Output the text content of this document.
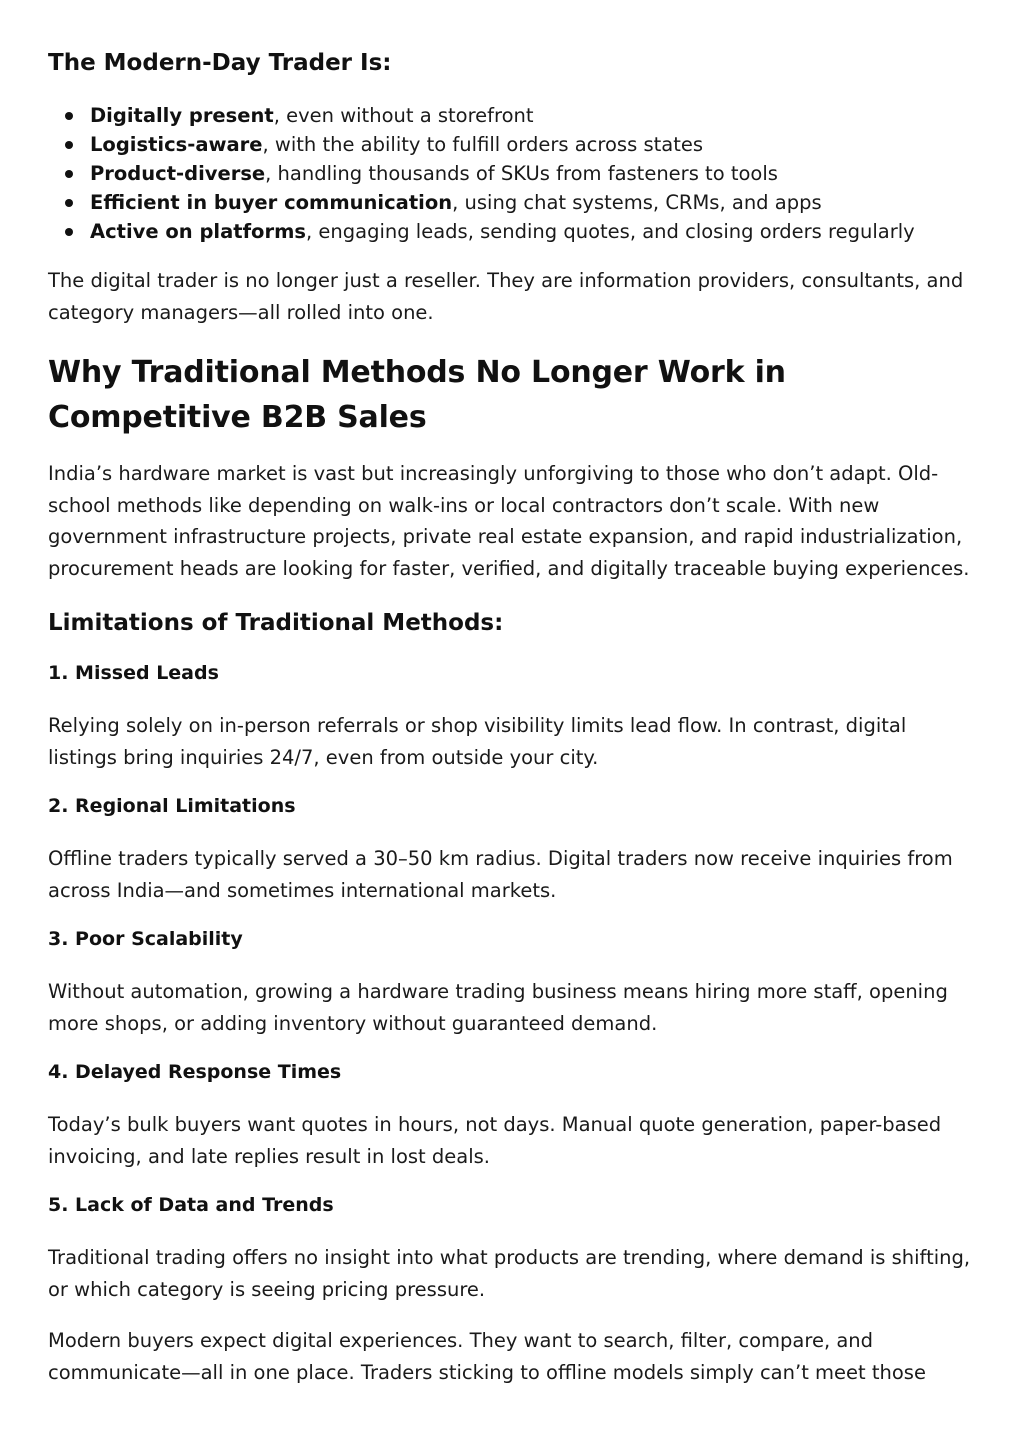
The Modern-Day Trader Is:
Digitally present, even without a storefront
Logistics-aware, with the ability to fulfill orders across states
Product-diverse, handling thousands of SKUs from fasteners to tools
Efficient in buyer communication, using chat systems, CRMs, and apps
Active on platforms, engaging leads, sending quotes, and closing orders regularly

The digital trader is no longer just a reseller. They are information providers, consultants, and category managers—all rolled into one.

Why Traditional Methods No Longer Work in Competitive B2B Sales

India’s hardware market is vast but increasingly unforgiving to those who don’t adapt. Old-school methods like depending on walk-ins or local contractors don’t scale. With new government infrastructure projects, private real estate expansion, and rapid industrialization, procurement heads are looking for faster, verified, and digitally traceable buying experiences.

Limitations of Traditional Methods:
1. Missed Leads

Relying solely on in-person referrals or shop visibility limits lead flow. In contrast, digital listings bring inquiries 24/7, even from outside your city.

2. Regional Limitations

Offline traders typically served a 30–50 km radius. Digital traders now receive inquiries from across India—and sometimes international markets.

3. Poor Scalability

Without automation, growing a hardware trading business means hiring more staff, opening more shops, or adding inventory without guaranteed demand.

4. Delayed Response Times

Today’s bulk buyers want quotes in hours, not days. Manual quote generation, paper-based invoicing, and late replies result in lost deals.

5. Lack of Data and Trends

Traditional trading offers no insight into what products are trending, where demand is shifting, or which category is seeing pricing pressure.

Modern buyers expect digital experiences. They want to search, filter, compare, and communicate—all in one place. Traders sticking to offline models simply can’t meet those
